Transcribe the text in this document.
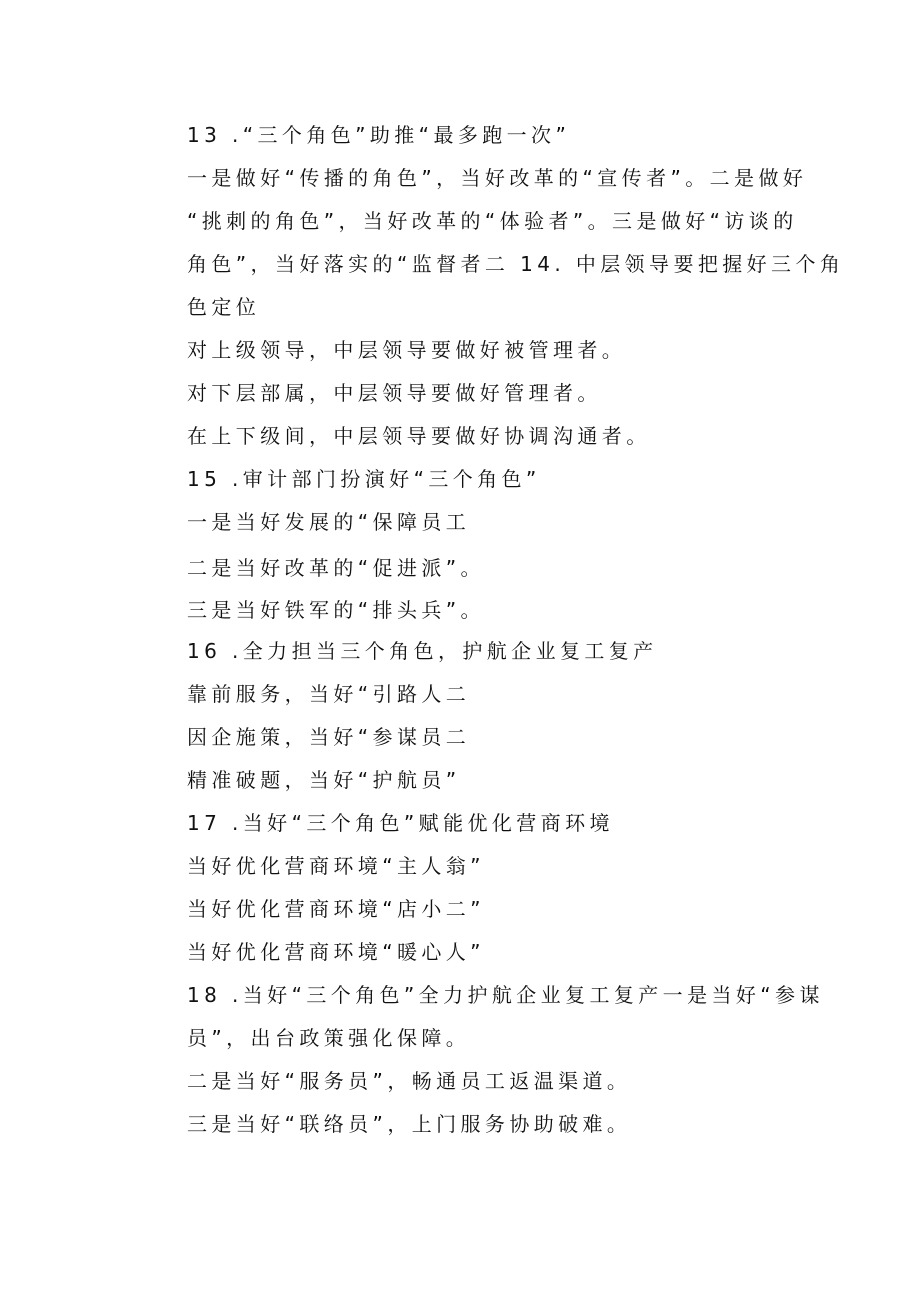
13 .“三个角色”助推“最多跑一次”
一是做好“传播的角色”，当好改革的“宣传者”。二是做好
“挑刺的角色”，当好改革的“体验者”。三是做好“访谈的
角色”，当好落实的“监督者二 14. 中层领导要把握好三个角
色定位
对上级领导，中层领导要做好被管理者。
对下层部属，中层领导要做好管理者。
在上下级间，中层领导要做好协调沟通者。
15 .审计部门扮演好“三个角色”
一是当好发展的“保障员工
二是当好改革的“促进派”。
三是当好铁军的“排头兵”。
16 .全力担当三个角色，护航企业复工复产
靠前服务，当好“引路人二
因企施策，当好“参谋员二
精准破题，当好“护航员”
17 .当好“三个角色”赋能优化营商环境
当好优化营商环境“主人翁”
当好优化营商环境“店小二”
当好优化营商环境“暖心人”
18 .当好“三个角色”全力护航企业复工复产一是当好“参谋
员”，出台政策强化保障。
二是当好“服务员”，畅通员工返温渠道。
三是当好“联络员”，上门服务协助破难。
